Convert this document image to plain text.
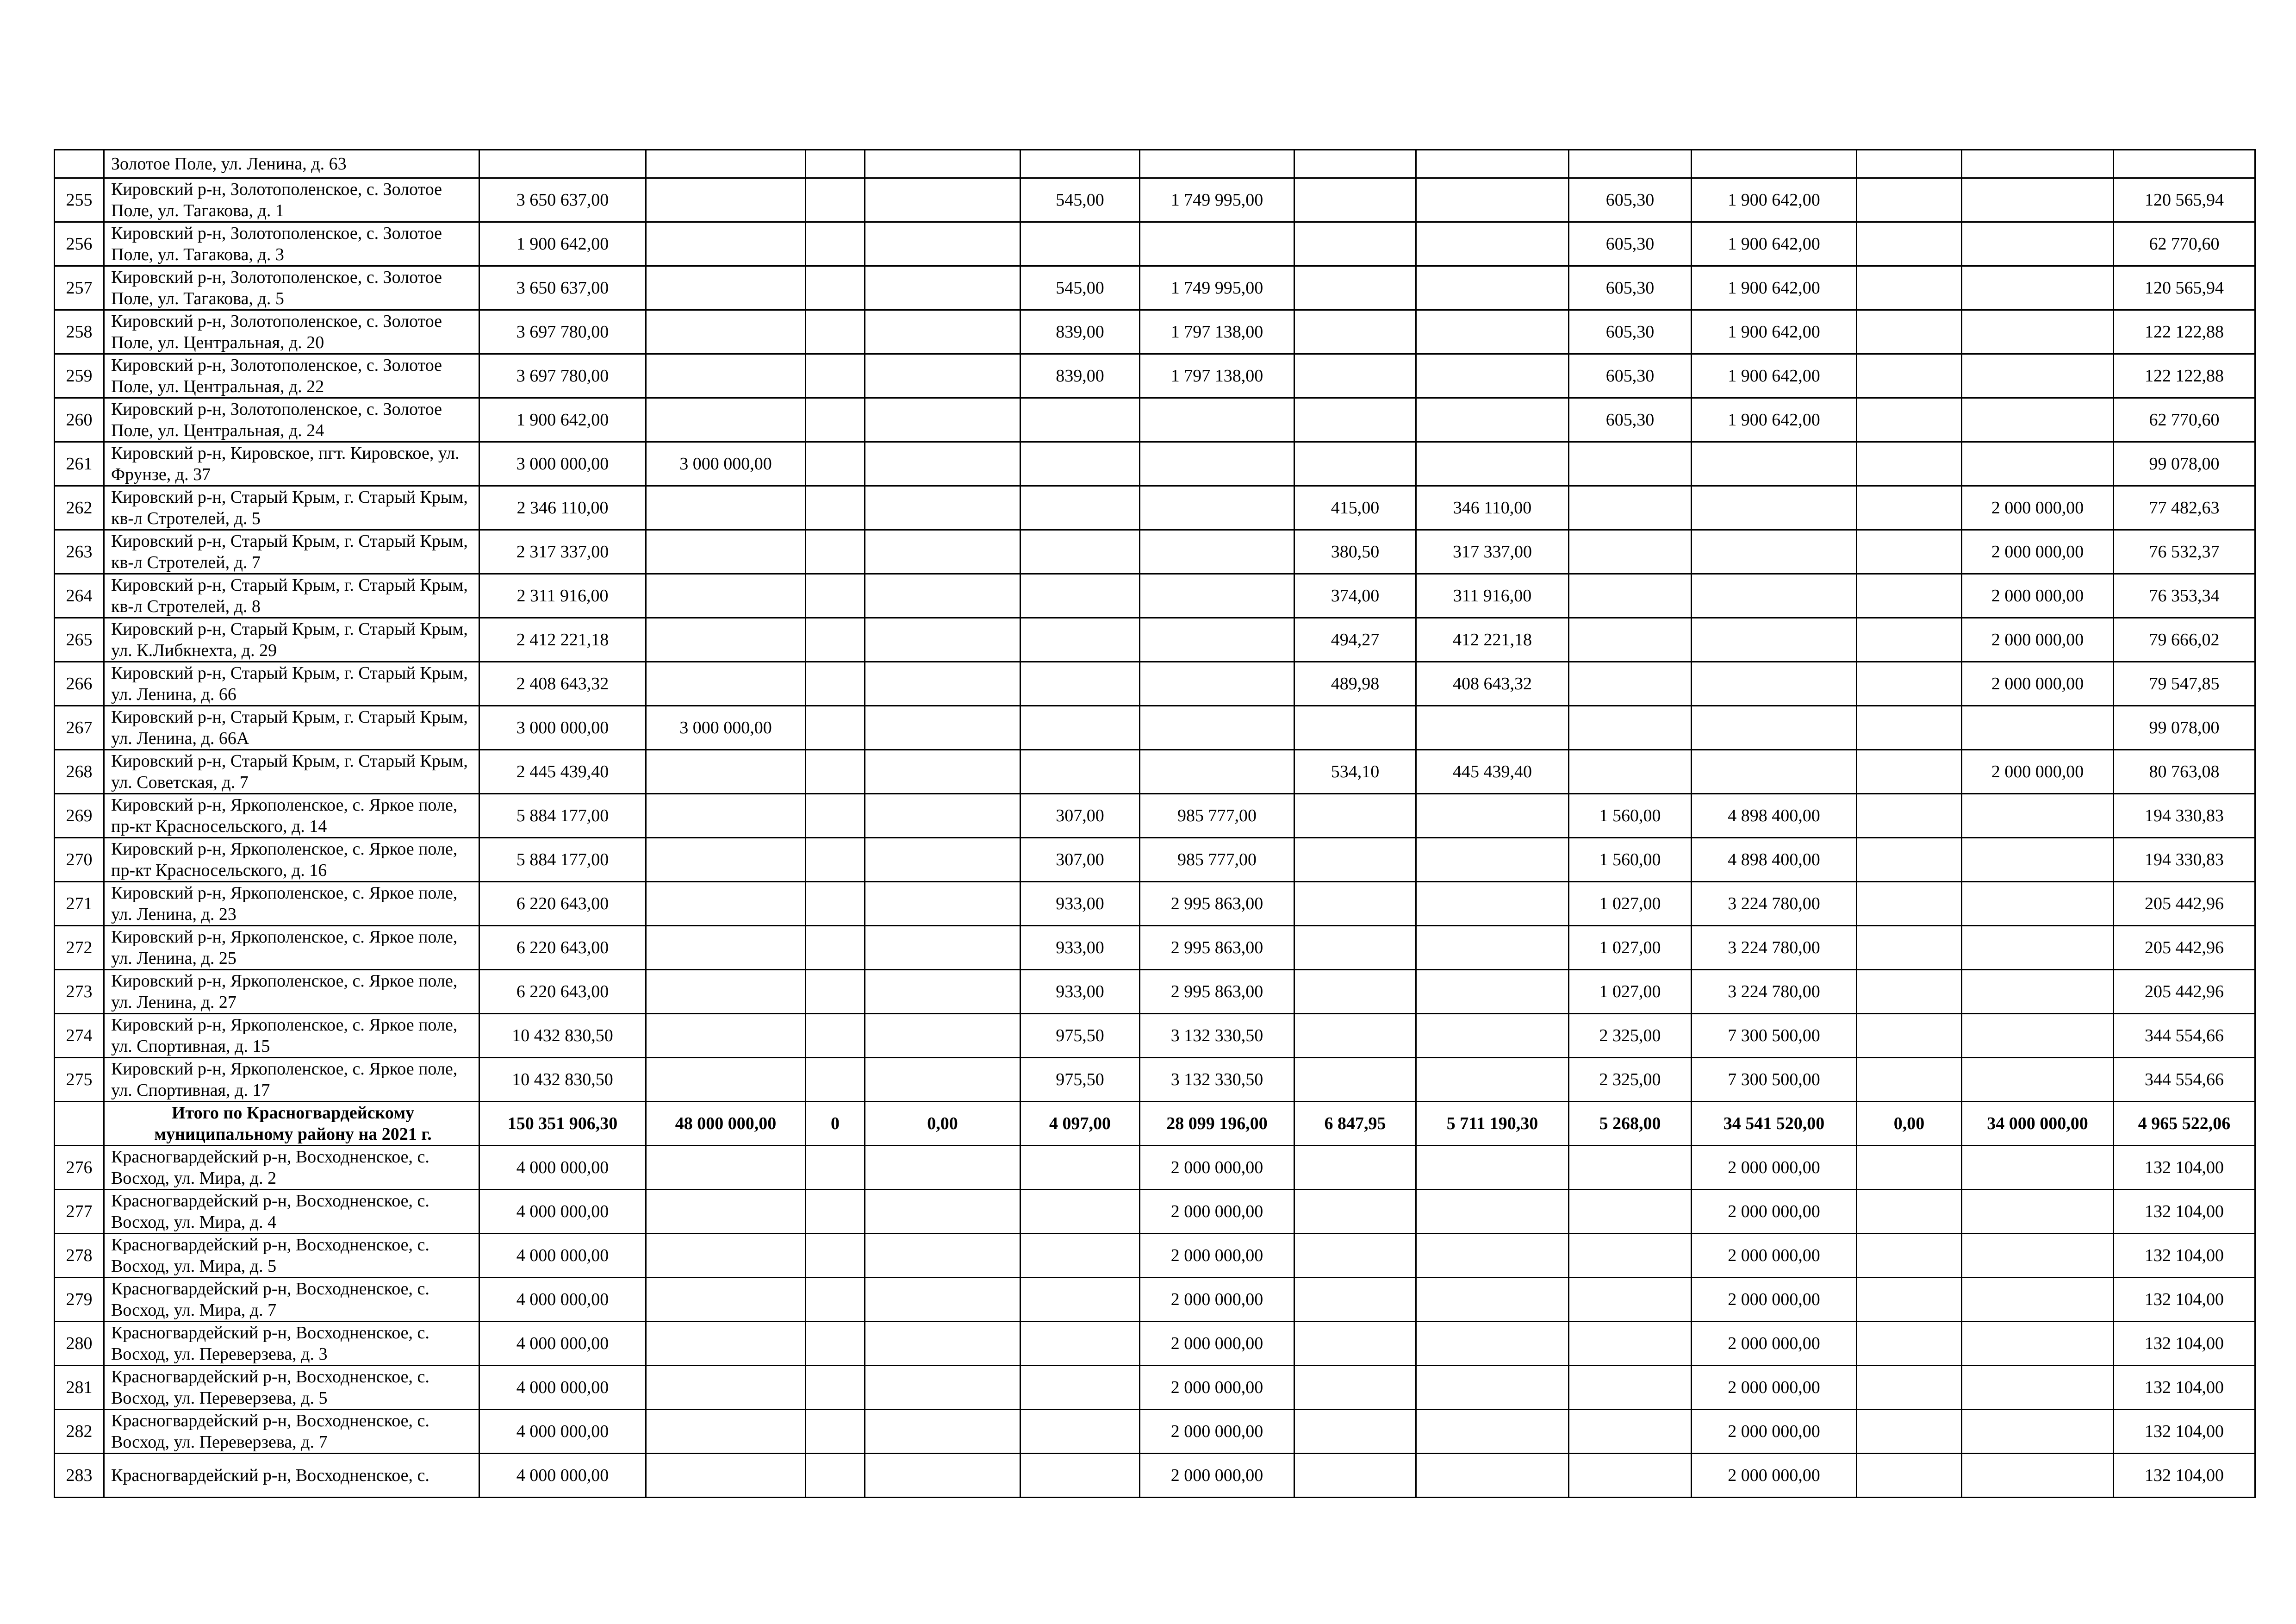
	Золотое Поле, ул. Ленина, д. 63													
255	Кировский р-н, Золотополенское, с. Золотое Поле, ул. Тагакова, д. 1	3 650 637,00				545,00	1 749 995,00			605,30	1 900 642,00			120 565,94
256	Кировский р-н, Золотополенское, с. Золотое Поле, ул. Тагакова, д. 3	1 900 642,00								605,30	1 900 642,00			62 770,60
257	Кировский р-н, Золотополенское, с. Золотое Поле, ул. Тагакова, д. 5	3 650 637,00				545,00	1 749 995,00			605,30	1 900 642,00			120 565,94
258	Кировский р-н, Золотополенское, с. Золотое Поле, ул. Центральная, д. 20	3 697 780,00				839,00	1 797 138,00			605,30	1 900 642,00			122 122,88
259	Кировский р-н, Золотополенское, с. Золотое Поле, ул. Центральная, д. 22	3 697 780,00				839,00	1 797 138,00			605,30	1 900 642,00			122 122,88
260	Кировский р-н, Золотополенское, с. Золотое Поле, ул. Центральная, д. 24	1 900 642,00								605,30	1 900 642,00			62 770,60
261	Кировский р-н, Кировское, пгт. Кировское, ул. Фрунзе, д. 37	3 000 000,00	3 000 000,00											99 078,00
262	Кировский р-н, Старый Крым, г. Старый Крым, кв-л Стротелей, д. 5	2 346 110,00						415,00	346 110,00				2 000 000,00	77 482,63
263	Кировский р-н, Старый Крым, г. Старый Крым, кв-л Стротелей, д. 7	2 317 337,00						380,50	317 337,00				2 000 000,00	76 532,37
264	Кировский р-н, Старый Крым, г. Старый Крым, кв-л Стротелей, д. 8	2 311 916,00						374,00	311 916,00				2 000 000,00	76 353,34
265	Кировский р-н, Старый Крым, г. Старый Крым, ул. К.Либкнехта, д. 29	2 412 221,18						494,27	412 221,18				2 000 000,00	79 666,02
266	Кировский р-н, Старый Крым, г. Старый Крым, ул. Ленина, д. 66	2 408 643,32						489,98	408 643,32				2 000 000,00	79 547,85
267	Кировский р-н, Старый Крым, г. Старый Крым, ул. Ленина, д. 66А	3 000 000,00	3 000 000,00											99 078,00
268	Кировский р-н, Старый Крым, г. Старый Крым, ул. Советская, д. 7	2 445 439,40						534,10	445 439,40				2 000 000,00	80 763,08
269	Кировский р-н, Яркополенское, с. Яркое поле, пр-кт Красносельского, д. 14	5 884 177,00				307,00	985 777,00			1 560,00	4 898 400,00			194 330,83
270	Кировский р-н, Яркополенское, с. Яркое поле, пр-кт Красносельского, д. 16	5 884 177,00				307,00	985 777,00			1 560,00	4 898 400,00			194 330,83
271	Кировский р-н, Яркополенское, с. Яркое поле, ул. Ленина, д. 23	6 220 643,00				933,00	2 995 863,00			1 027,00	3 224 780,00			205 442,96
272	Кировский р-н, Яркополенское, с. Яркое поле, ул. Ленина, д. 25	6 220 643,00				933,00	2 995 863,00			1 027,00	3 224 780,00			205 442,96
273	Кировский р-н, Яркополенское, с. Яркое поле, ул. Ленина, д. 27	6 220 643,00				933,00	2 995 863,00			1 027,00	3 224 780,00			205 442,96
274	Кировский р-н, Яркополенское, с. Яркое поле, ул. Спортивная, д. 15	10 432 830,50				975,50	3 132 330,50			2 325,00	7 300 500,00			344 554,66
275	Кировский р-н, Яркополенское, с. Яркое поле, ул. Спортивная, д. 17	10 432 830,50				975,50	3 132 330,50			2 325,00	7 300 500,00			344 554,66
	Итого по Красногвардейскому муниципальному району на 2021 г.	150 351 906,30	48 000 000,00	0	0,00	4 097,00	28 099 196,00	6 847,95	5 711 190,30	5 268,00	34 541 520,00	0,00	34 000 000,00	4 965 522,06
276	Красногвардейский р-н, Восходненское, с. Восход, ул. Мира, д. 2	4 000 000,00					2 000 000,00				2 000 000,00			132 104,00
277	Красногвардейский р-н, Восходненское, с. Восход, ул. Мира, д. 4	4 000 000,00					2 000 000,00				2 000 000,00			132 104,00
278	Красногвардейский р-н, Восходненское, с. Восход, ул. Мира, д. 5	4 000 000,00					2 000 000,00				2 000 000,00			132 104,00
279	Красногвардейский р-н, Восходненское, с. Восход, ул. Мира, д. 7	4 000 000,00					2 000 000,00				2 000 000,00			132 104,00
280	Красногвардейский р-н, Восходненское, с. Восход, ул. Переверзева, д. 3	4 000 000,00					2 000 000,00				2 000 000,00			132 104,00
281	Красногвардейский р-н, Восходненское, с. Восход, ул. Переверзева, д. 5	4 000 000,00					2 000 000,00				2 000 000,00			132 104,00
282	Красногвардейский р-н, Восходненское, с. Восход, ул. Переверзева, д. 7	4 000 000,00					2 000 000,00				2 000 000,00			132 104,00
283	Красногвардейский р-н, Восходненское, с.	4 000 000,00					2 000 000,00				2 000 000,00			132 104,00
